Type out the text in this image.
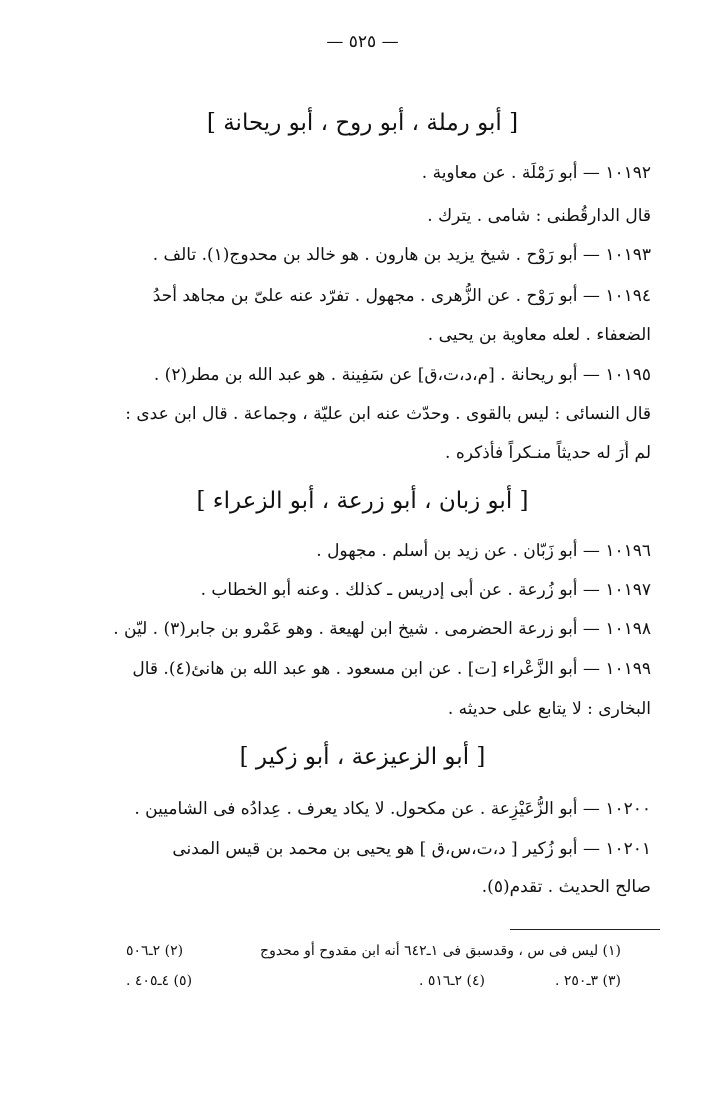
— ٥٢٥ —
[ أبو رملة ، أبو روح ، أبو ريحانة ]
١٠١٩٢ — أبو رَمْلَة . عن معاوية .
قال الدارقُطنى : شامى . يترك .
١٠١٩٣ — أبو رَوْح . شيخ يزيد بن هارون . هو خالد بن محدوج(١). تالف .
١٠١٩٤ — أبو رَوْح . عن الزُّهرى . مجهول . تفرّد عنه علىّ بن مجاهد أحدُ
الضعفاء . لعله معاوية بن يحيى .
١٠١٩٥ — أبو ريحانة . [م،د،ت،ق] عن سَفِينة . هو عبد الله بن مطر(٢) .
قال النسائى : ليس بالقوى . وحدّث عنه ابن عليّة ، وجماعة . قال ابن عدى :
لم أَرَ له حديثاً منـكراً فأذكره .
[ أبو زبان ، أبو زرعة ، أبو الزعراء ]
١٠١٩٦ — أبو زَبّان . عن زيد بن أسلم . مجهول .
١٠١٩٧ — أبو زُرعة . عن أبى إدريس ـ كذلك . وعنه أبو الخطاب .
١٠١٩٨ — أبو زرعة الحضرمى . شيخ ابن لهيعة . وهو عَمْرو بن جابر(٣) . ليّن .
١٠١٩٩ — أبو الزَّعْراء [ت] . عن ابن مسعود . هو عبد الله بن هانئ(٤). قال
البخارى : لا يتابع على حديثه .
[ أبو الزعيزعة ، أبو زكير ]
١٠٢٠٠ — أبو الزُّعَيْزِعة . عن مكحول. لا يكاد يعرف . عِدادُه فى الشاميين .
١٠٢٠١ — أبو زُكير [ د،ت،س،ق ] هو يحيى بن محمد بن قيس المدنى
صالح الحديث . تقدم(٥).
(١) ليس فى س ، وقدسبق فى ١ـ٦٤٢ أنه ابن مقدوح أو محدوج
(٢) ٢ـ٥٠٦
(٣) ٣ـ٢٥٠ .
(٤) ٢ـ٥١٦ .
(٥) ٤ـ٤٠٥ .
